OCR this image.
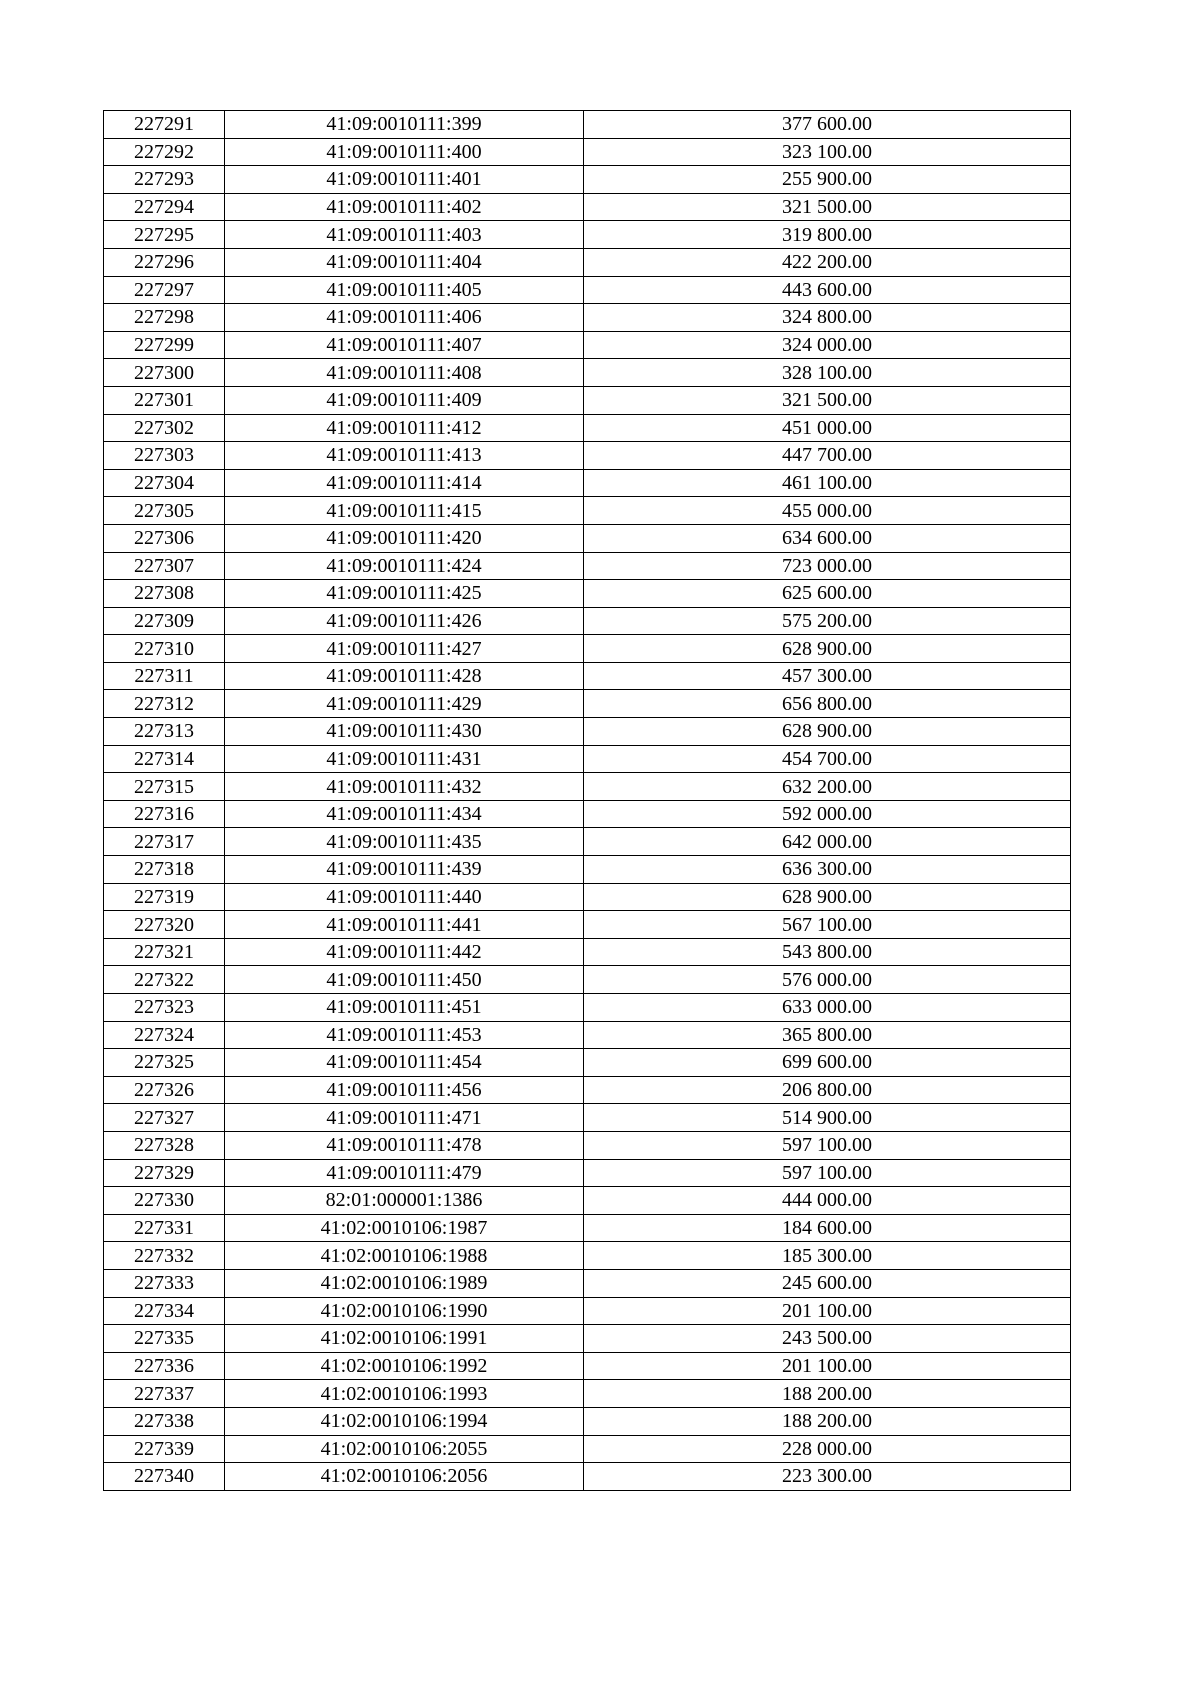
227291	41:09:0010111:399	377 600.00
227292	41:09:0010111:400	323 100.00
227293	41:09:0010111:401	255 900.00
227294	41:09:0010111:402	321 500.00
227295	41:09:0010111:403	319 800.00
227296	41:09:0010111:404	422 200.00
227297	41:09:0010111:405	443 600.00
227298	41:09:0010111:406	324 800.00
227299	41:09:0010111:407	324 000.00
227300	41:09:0010111:408	328 100.00
227301	41:09:0010111:409	321 500.00
227302	41:09:0010111:412	451 000.00
227303	41:09:0010111:413	447 700.00
227304	41:09:0010111:414	461 100.00
227305	41:09:0010111:415	455 000.00
227306	41:09:0010111:420	634 600.00
227307	41:09:0010111:424	723 000.00
227308	41:09:0010111:425	625 600.00
227309	41:09:0010111:426	575 200.00
227310	41:09:0010111:427	628 900.00
227311	41:09:0010111:428	457 300.00
227312	41:09:0010111:429	656 800.00
227313	41:09:0010111:430	628 900.00
227314	41:09:0010111:431	454 700.00
227315	41:09:0010111:432	632 200.00
227316	41:09:0010111:434	592 000.00
227317	41:09:0010111:435	642 000.00
227318	41:09:0010111:439	636 300.00
227319	41:09:0010111:440	628 900.00
227320	41:09:0010111:441	567 100.00
227321	41:09:0010111:442	543 800.00
227322	41:09:0010111:450	576 000.00
227323	41:09:0010111:451	633 000.00
227324	41:09:0010111:453	365 800.00
227325	41:09:0010111:454	699 600.00
227326	41:09:0010111:456	206 800.00
227327	41:09:0010111:471	514 900.00
227328	41:09:0010111:478	597 100.00
227329	41:09:0010111:479	597 100.00
227330	82:01:000001:1386	444 000.00
227331	41:02:0010106:1987	184 600.00
227332	41:02:0010106:1988	185 300.00
227333	41:02:0010106:1989	245 600.00
227334	41:02:0010106:1990	201 100.00
227335	41:02:0010106:1991	243 500.00
227336	41:02:0010106:1992	201 100.00
227337	41:02:0010106:1993	188 200.00
227338	41:02:0010106:1994	188 200.00
227339	41:02:0010106:2055	228 000.00
227340	41:02:0010106:2056	223 300.00
